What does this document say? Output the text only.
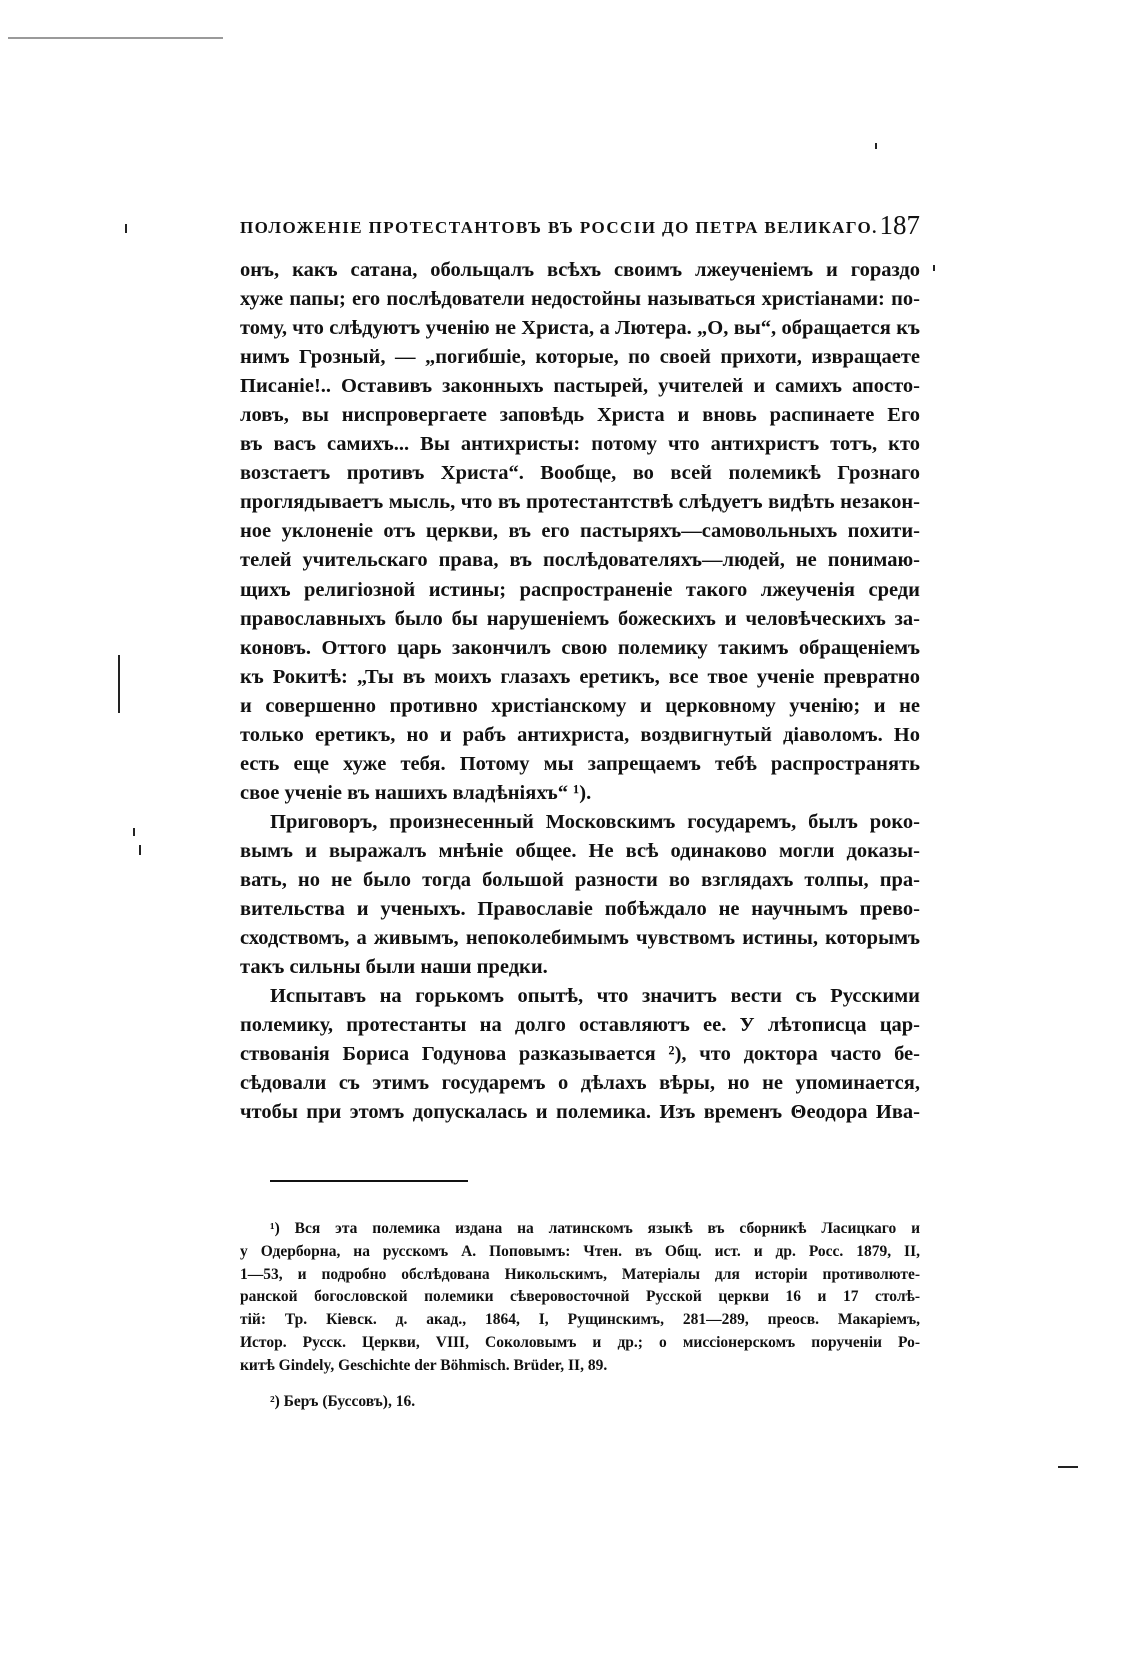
ПОЛОЖЕНІЕ ПРОТЕСТАНТОВЪ ВЪ РОССІИ ДО ПЕТРА ВЕЛИКАГО. 187
онъ, какъ сатана, обольщалъ всѣхъ своимъ лжеученіемъ и гораздо
хуже папы; его послѣдователи недостойны называться христіанами: по-
тому, что слѣдуютъ ученію не Христа, а Лютера. „О, вы“, обращается къ
нимъ Грозный, — „погибшіе, которые, по своей прихоти, извращаете
Писаніе!.. Оставивъ законныхъ пастырей, учителей и самихъ апосто-
ловъ, вы ниспровергаете заповѣдь Христа и вновь распинаете Его
въ васъ самихъ... Вы антихристы: потому что антихристъ тотъ, кто
возстаетъ противъ Христа“. Вообще, во всей полемикѣ Грознаго
проглядываетъ мысль, что въ протестантствѣ слѣдуетъ видѣть незакон-
ное уклоненіе отъ церкви, въ его пастыряхъ—самовольныхъ похити-
телей учительскаго права, въ послѣдователяхъ—людей, не понимаю-
щихъ религіозной истины; распространеніе такого лжеученія среди
православныхъ было бы нарушеніемъ божескихъ и человѣческихъ за-
коновъ. Оттого царь закончилъ свою полемику такимъ обращеніемъ
къ Рокитѣ: „Ты въ моихъ глазахъ еретикъ, все твое ученіе превратно
и совершенно противно христіанскому и церковному ученію; и не
только еретикъ, но и рабъ антихриста, воздвигнутый діаволомъ. Но
есть еще хуже тебя. Потому мы запрещаемъ тебѣ распространять
свое ученіе въ нашихъ владѣніяхъ“ ¹).
Приговоръ, произнесенный Московскимъ государемъ, былъ роко-
вымъ и выражалъ мнѣніе общее. Не всѣ одинаково могли доказы-
вать, но не было тогда большой разности во взглядахъ толпы, пра-
вительства и ученыхъ. Православіе побѣждало не научнымъ прево-
сходствомъ, а живымъ, непоколебимымъ чувствомъ истины, которымъ
такъ сильны были наши предки.
Испытавъ на горькомъ опытѣ, что значитъ вести съ Русскими
полемику, протестанты на долго оставляютъ ее. У лѣтописца цар-
ствованія Бориса Годунова разказывается ²), что доктора часто бе-
сѣдовали съ этимъ государемъ о дѣлахъ вѣры, но не упоминается,
чтобы при этомъ допускалась и полемика. Изъ временъ Θеодора Ива-
¹) Вся эта полемика издана на латинскомъ языкѣ въ сборникѣ Ласицкаго и
у Одерборна, на русскомъ А. Поповымъ: Чтен. въ Общ. ист. и др. Росс. 1879, II,
1—53, и подробно обслѣдована Никольскимъ, Матеріалы для исторіи противолюте-
ранской богословской полемики сѣверовосточной Русской церкви 16 и 17 столѣ-
тій: Тр. Кіевск. д. акад., 1864, I, Рущинскимъ, 281—289, преосв. Макаріемъ,
Истор. Русск. Церкви, VIII, Соколовымъ и др.; о миссіонерскомъ порученіи Ро-
китѣ Gindely, Geschichte der Böhmisch. Brüder, II, 89.
²) Беръ (Буссовъ), 16.
